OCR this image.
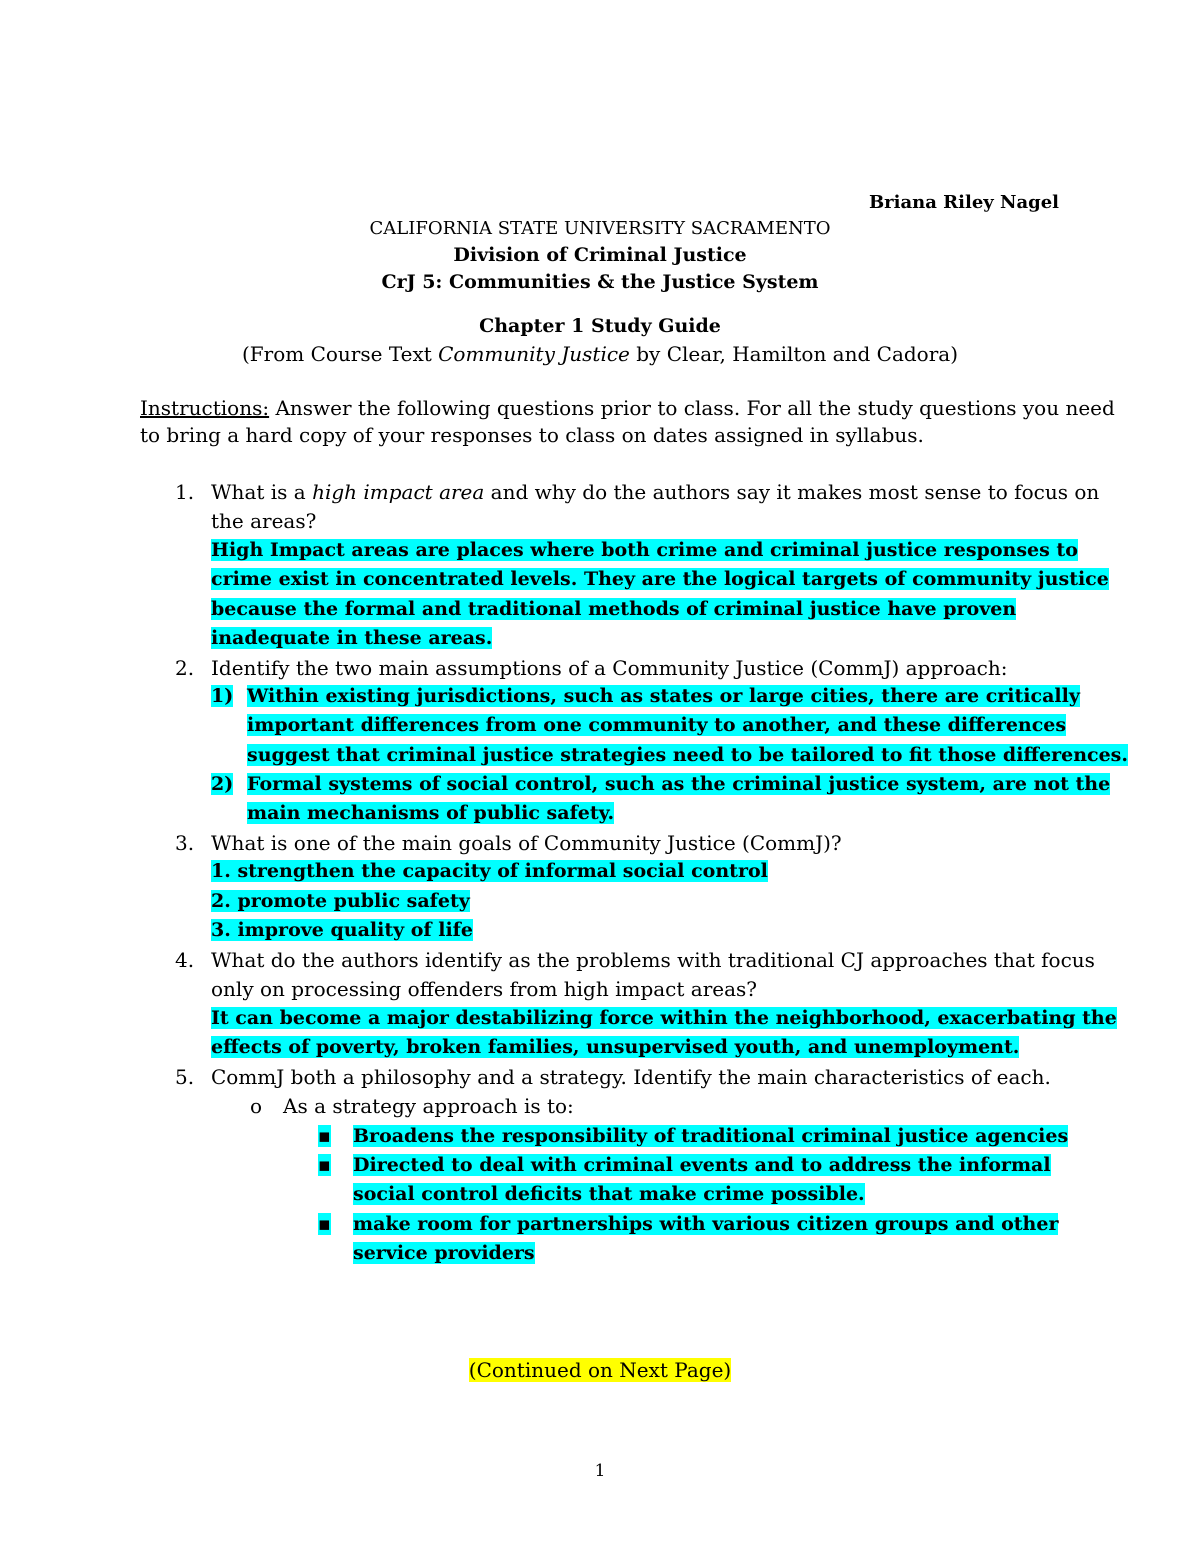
Briana Riley Nagel
CALIFORNIA STATE UNIVERSITY SACRAMENTO
Division of Criminal Justice
CrJ 5: Communities & the Justice System
Chapter 1 Study Guide
(From Course Text Community Justice by Clear, Hamilton and Cadora)
Instructions: Answer the following questions prior to class. For all the study questions you need
to bring a hard copy of your responses to class on dates assigned in syllabus.
1. What is a high impact area and why do the authors say it makes most sense to focus on
the areas?
High Impact areas are places where both crime and criminal justice responses to
crime exist in concentrated levels. They are the logical targets of community justice
because the formal and traditional methods of criminal justice have proven
inadequate in these areas.
2. Identify the two main assumptions of a Community Justice (CommJ) approach:
1) Within existing jurisdictions, such as states or large cities, there are critically
important differences from one community to another, and these differences
suggest that criminal justice strategies need to be tailored to fit those differences.
2) Formal systems of social control, such as the criminal justice system, are not the
main mechanisms of public safety.
3. What is one of the main goals of Community Justice (CommJ)?
1. strengthen the capacity of informal social control
2. promote public safety
3. improve quality of life
4. What do the authors identify as the problems with traditional CJ approaches that focus
only on processing offenders from high impact areas?
It can become a major destabilizing force within the neighborhood, exacerbating the
effects of poverty, broken families, unsupervised youth, and unemployment.
5. CommJ both a philosophy and a strategy. Identify the main characteristics of each.
o As a strategy approach is to:
▪ Broadens the responsibility of traditional criminal justice agencies
▪ Directed to deal with criminal events and to address the informal
social control deficits that make crime possible.
▪ make room for partnerships with various citizen groups and other
service providers
(Continued on Next Page)
1
